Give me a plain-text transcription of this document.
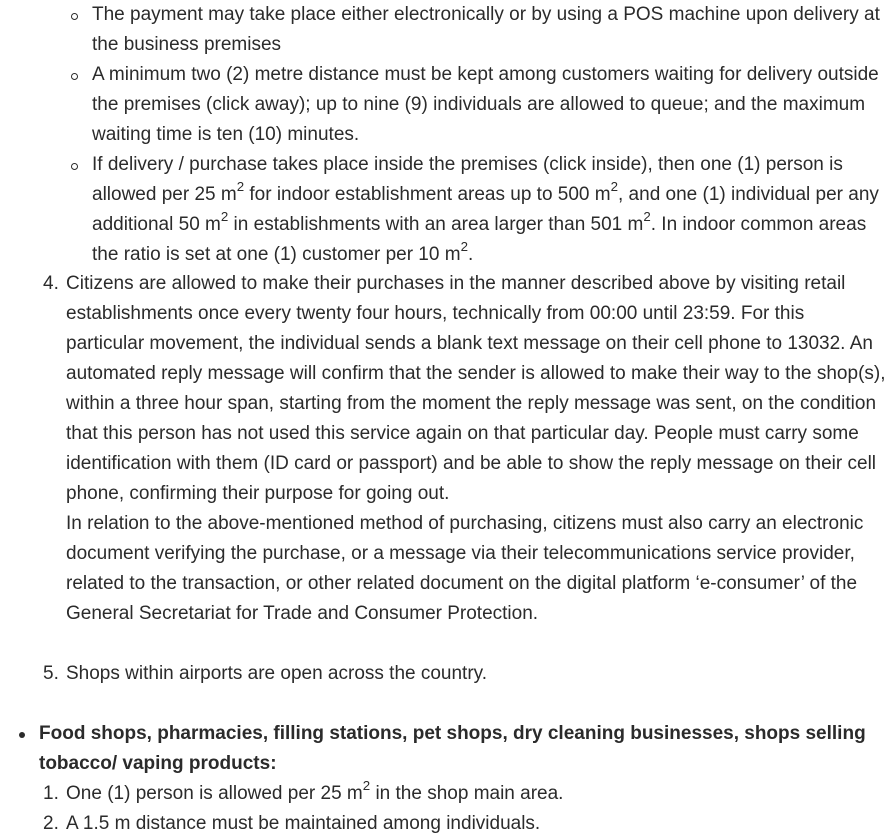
The payment may take place either electronically or by using a POS machine upon delivery at the business premises
A minimum two (2) metre distance must be kept among customers waiting for delivery outside the premises (click away); up to nine (9) individuals are allowed to queue; and the maximum waiting time is ten (10) minutes.
If delivery / purchase takes place inside the premises (click inside), then one (1) person is allowed per 25 $m^2$ for indoor establishment areas up to 500 $m^2$, and one (1) individual per any additional 50 $m^2$ in establishments with an area larger than 501 $m^2$. In indoor common areas the ratio is set at one (1) customer per 10 $m^2$.
4. Citizens are allowed to make their purchases in the manner described above by visiting retail establishments once every twenty four hours, technically from 00:00 until 23:59. For this particular movement, the individual sends a blank text message on their cell phone to 13032. An automated reply message will confirm that the sender is allowed to make their way to the shop(s), within a three hour span, starting from the moment the reply message was sent, on the condition that this person has not used this service again on that particular day. People must carry some identification with them (ID card or passport) and be able to show the reply message on their cell phone, confirming their purpose for going out.

In relation to the above-mentioned method of purchasing, citizens must also carry an electronic document verifying the purchase, or a message via their telecommunications service provider, related to the transaction, or other related document on the digital platform ‘e-consumer’ of the General Secretariat for Trade and Consumer Protection.

5. Shops within airports are open across the country.

Food shops, pharmacies, filling stations, pet shops, dry cleaning businesses, shops selling tobacco/ vaping products:
1. One (1) person is allowed per 25 $m^2$ in the shop main area.
2. A 1.5 m distance must be maintained among individuals.
